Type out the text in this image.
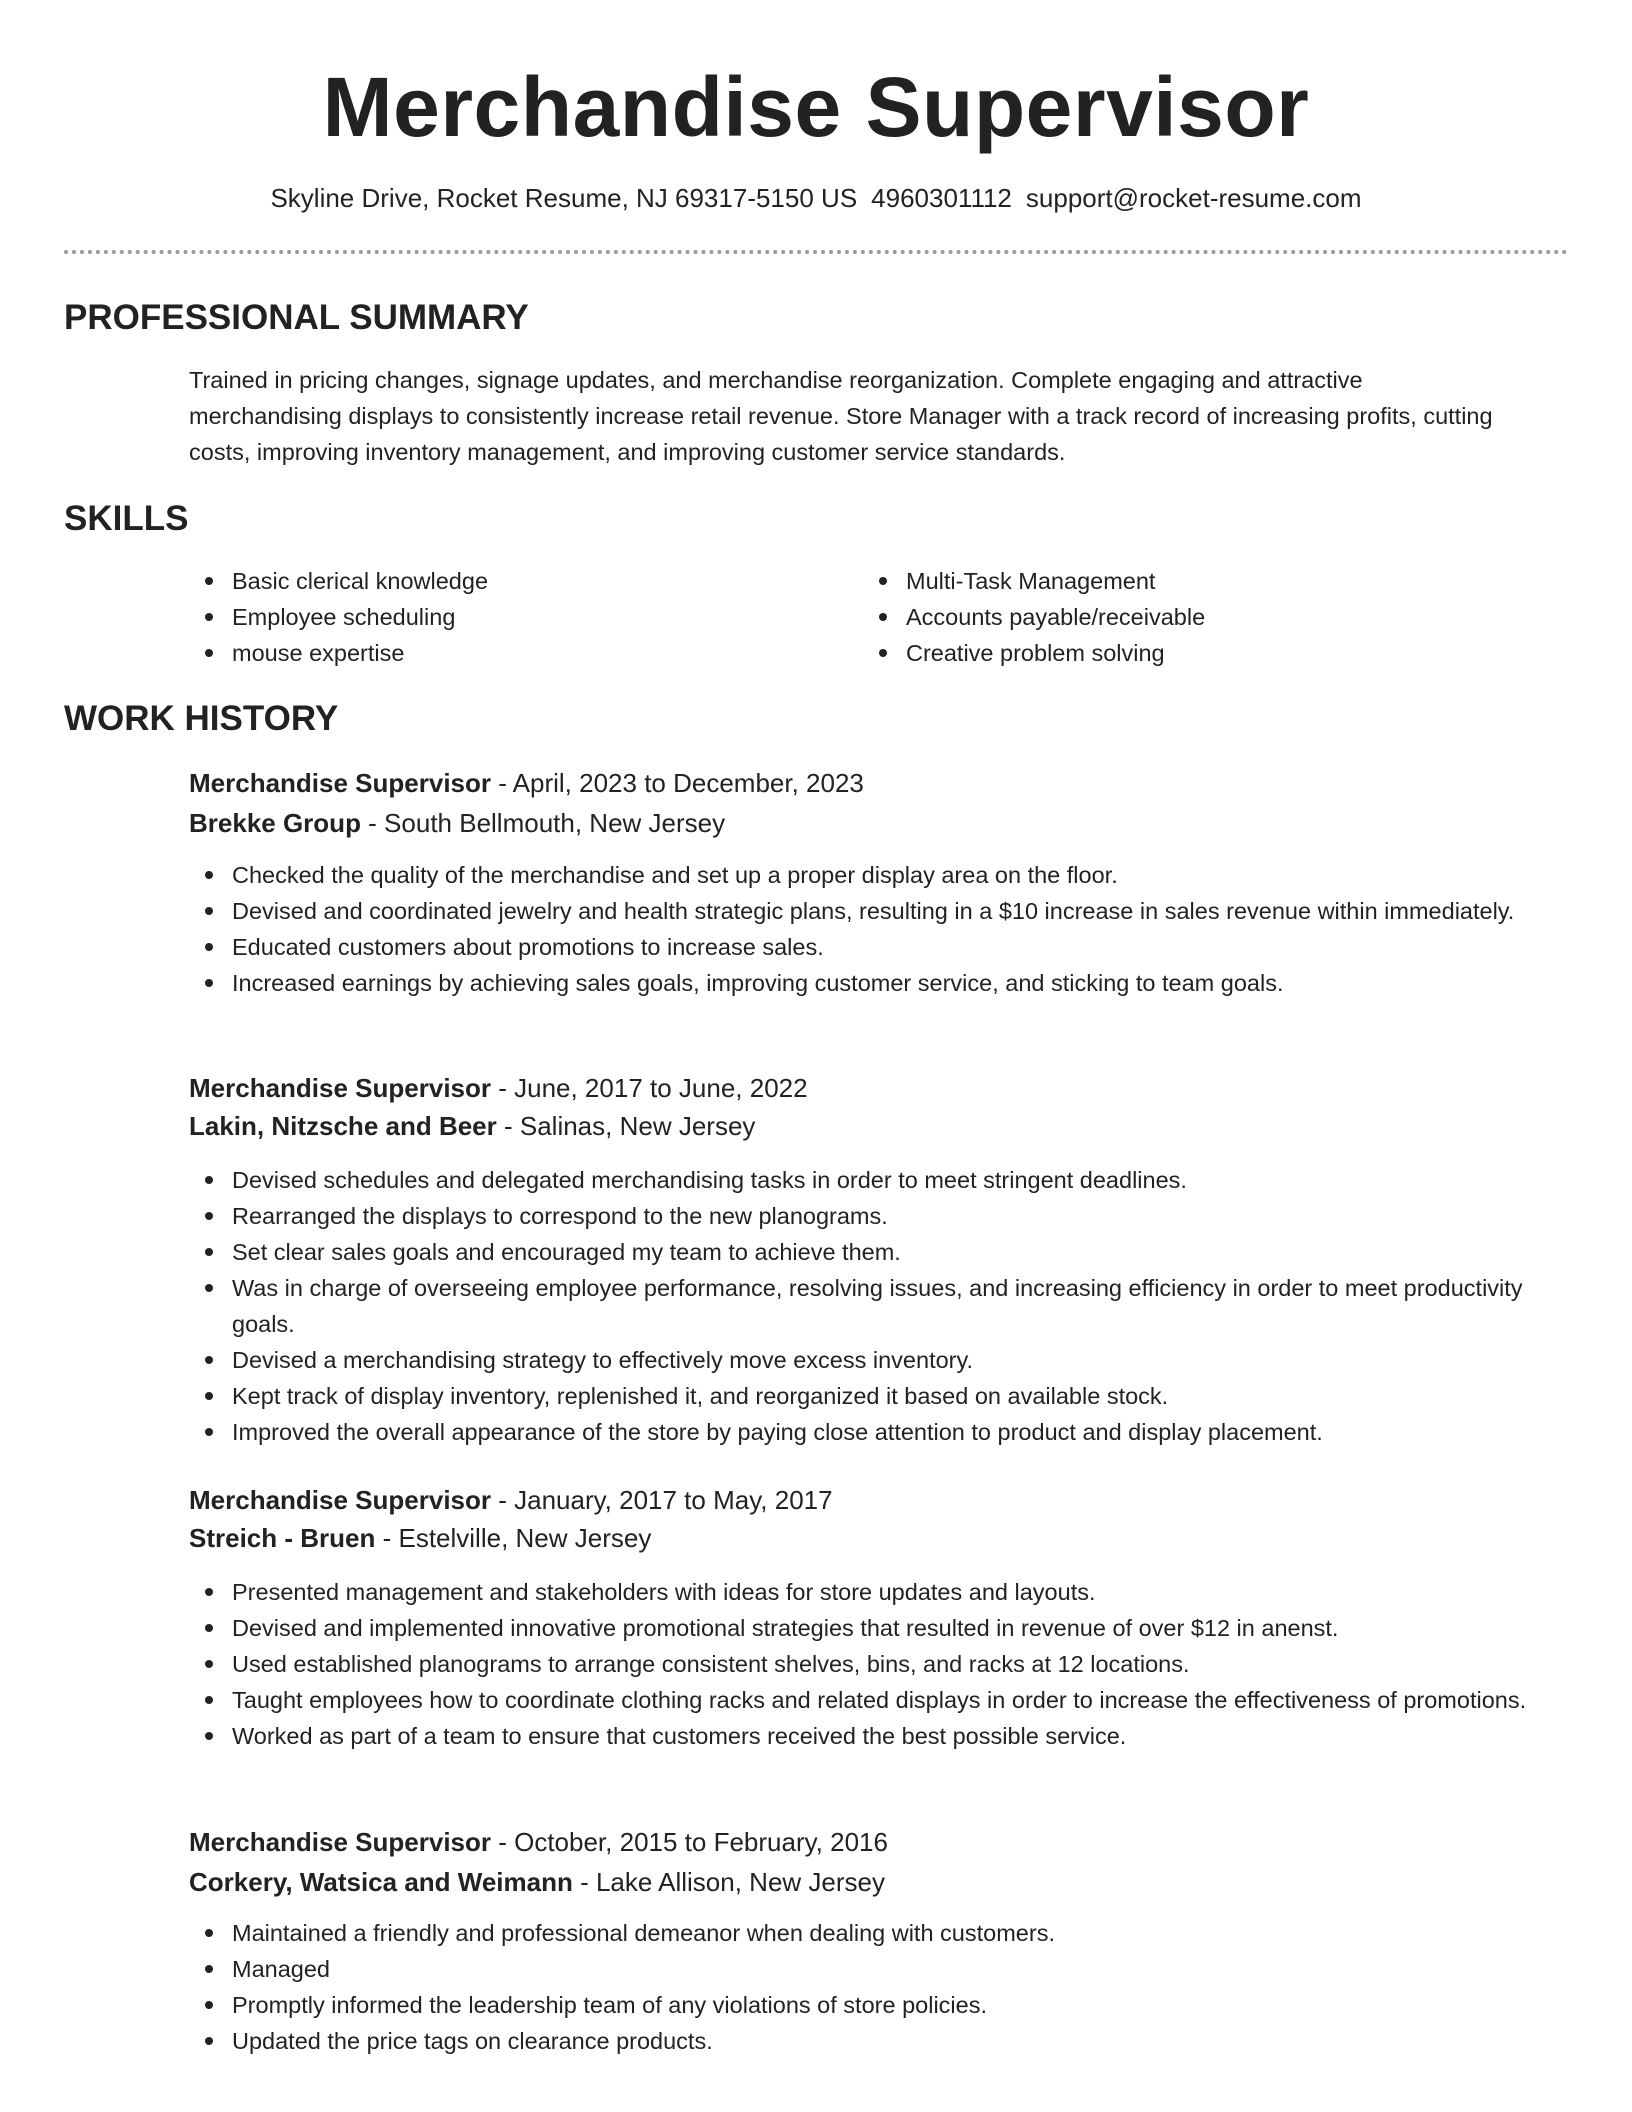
Merchandise Supervisor
Skyline Drive, Rocket Resume, NJ 69317-5150 US 4960301112 support@rocket-resume.com
PROFESSIONAL SUMMARY

Trained in pricing changes, signage updates, and merchandise reorganization. Complete engaging and attractive merchandising displays to consistently increase retail revenue. Store Manager with a track record of increasing profits, cutting costs, improving inventory management, and improving customer service standards.

SKILLS
Basic clerical knowledge
Employee scheduling
mouse expertise
Multi-Task Management
Accounts payable/receivable
Creative problem solving
WORK HISTORY
Merchandise Supervisor - April, 2023 to December, 2023
Brekke Group - South Bellmouth, New Jersey
Checked the quality of the merchandise and set up a proper display area on the floor.
Devised and coordinated jewelry and health strategic plans, resulting in a $10 increase in sales revenue within immediately.
Educated customers about promotions to increase sales.
Increased earnings by achieving sales goals, improving customer service, and sticking to team goals.
Merchandise Supervisor - June, 2017 to June, 2022
Lakin, Nitzsche and Beer - Salinas, New Jersey
Devised schedules and delegated merchandising tasks in order to meet stringent deadlines.
Rearranged the displays to correspond to the new planograms.
Set clear sales goals and encouraged my team to achieve them.
Was in charge of overseeing employee performance, resolving issues, and increasing efficiency in order to meet productivity goals.
Devised a merchandising strategy to effectively move excess inventory.
Kept track of display inventory, replenished it, and reorganized it based on available stock.
Improved the overall appearance of the store by paying close attention to product and display placement.
Merchandise Supervisor - January, 2017 to May, 2017
Streich - Bruen - Estelville, New Jersey
Presented management and stakeholders with ideas for store updates and layouts.
Devised and implemented innovative promotional strategies that resulted in revenue of over $12 in anenst.
Used established planograms to arrange consistent shelves, bins, and racks at 12 locations.
Taught employees how to coordinate clothing racks and related displays in order to increase the effectiveness of promotions.
Worked as part of a team to ensure that customers received the best possible service.
Merchandise Supervisor - October, 2015 to February, 2016
Corkery, Watsica and Weimann - Lake Allison, New Jersey
Maintained a friendly and professional demeanor when dealing with customers.
Managed
Promptly informed the leadership team of any violations of store policies.
Updated the price tags on clearance products.
